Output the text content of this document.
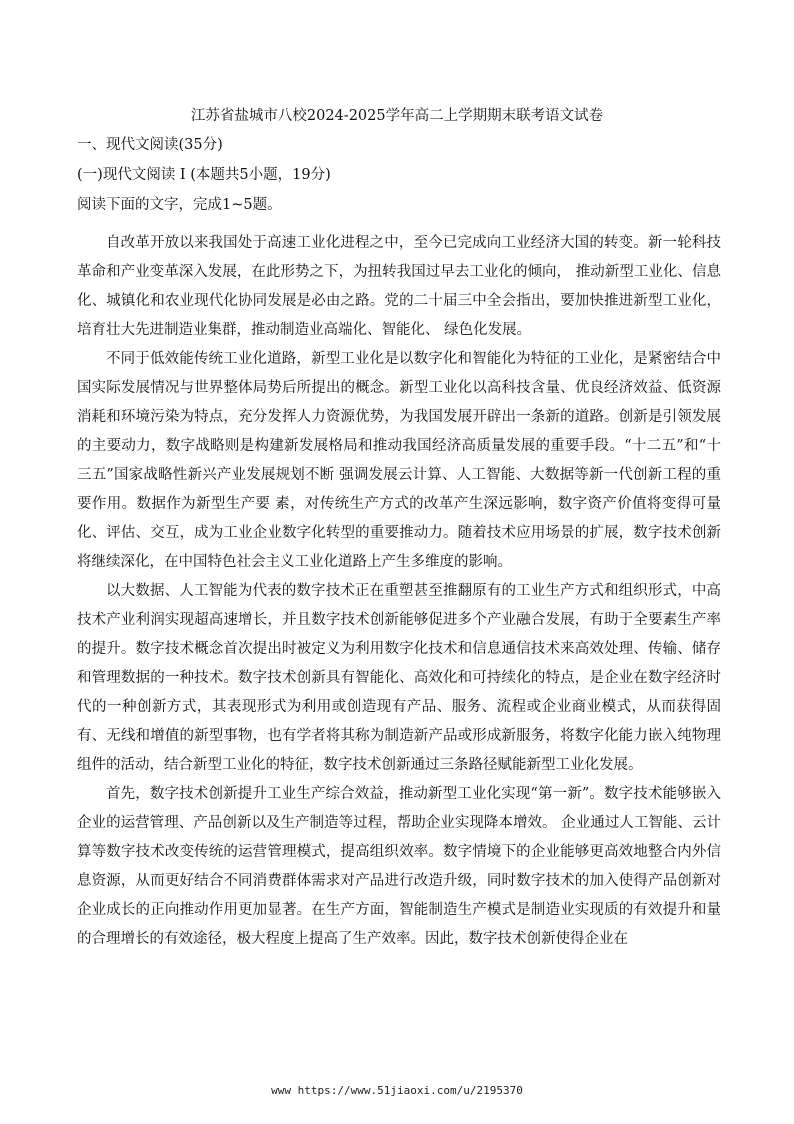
江苏省盐城市八校2024-2025学年高二上学期期末联考语文试卷
一、现代文阅读(35分)
(一)现代文阅读 I (本题共5小题，19分)
阅读下面的文字，完成1~5题。

自改革开放以来我国处于高速工业化进程之中，至今已完成向工业经济大国的转变。新一轮科技革命和产业变革深入发展，在此形势之下，为扭转我国过早去工业化的倾向， 推动新型工业化、信息化、城镇化和农业现代化协同发展是必由之路。党的二十届三中全会指出，要加快推进新型工业化，培育壮大先进制造业集群，推动制造业高端化、智能化、 绿色化发展。

不同于低效能传统工业化道路，新型工业化是以数字化和智能化为特征的工业化，是紧密结合中国实际发展情况与世界整体局势后所提出的概念。新型工业化以高科技含量、优良经济效益、低资源消耗和环境污染为特点，充分发挥人力资源优势，为我国发展开辟出一条新的道路。创新是引领发展的主要动力，数字战略则是构建新发展格局和推动我国经济高质量发展的重要手段。“十二五”和“十三五”国家战略性新兴产业发展规划不断 强调发展云计算、人工智能、大数据等新一代创新工程的重要作用。数据作为新型生产要 素，对传统生产方式的改革产生深远影响，数字资产价值将变得可量化、评估、交互，成为工业企业数字化转型的重要推动力。随着技术应用场景的扩展，数字技术创新将继续深化，在中国特色社会主义工业化道路上产生多维度的影响。

以大数据、人工智能为代表的数字技术正在重塑甚至推翻原有的工业生产方式和组织形式，中高技术产业利润实现超高速增长，并且数字技术创新能够促进多个产业融合发展，有助于全要素生产率的提升。数字技术概念首次提出时被定义为利用数字化技术和信息通信技术来高效处理、传输、储存和管理数据的一种技术。数字技术创新具有智能化、高效化和可持续化的特点，是企业在数字经济时代的一种创新方式，其表现形式为利用或创造现有产品、服务、流程或企业商业模式，从而获得固有、无线和增值的新型事物，也有学者将其称为制造新产品或形成新服务，将数字化能力嵌入纯物理组件的活动，结合新型工业化的特征，数字技术创新通过三条路径赋能新型工业化发展。

首先，数字技术创新提升工业生产综合效益，推动新型工业化实现“第一新”。数字技术能够嵌入企业的运营管理、产品创新以及生产制造等过程，帮助企业实现降本增效。 企业通过人工智能、云计算等数字技术改变传统的运营管理模式，提高组织效率。数字情境下的企业能够更高效地整合内外信息资源，从而更好结合不同消费群体需求对产品进行改造升级，同时数字技术的加入使得产品创新对企业成长的正向推动作用更加显著。在生产方面，智能制造生产模式是制造业实现质的有效提升和量的合理增长的有效途径，极大程度上提高了生产效率。因此，数字技术创新使得企业在

www https://www.51jiaoxi.com/u/2195370
